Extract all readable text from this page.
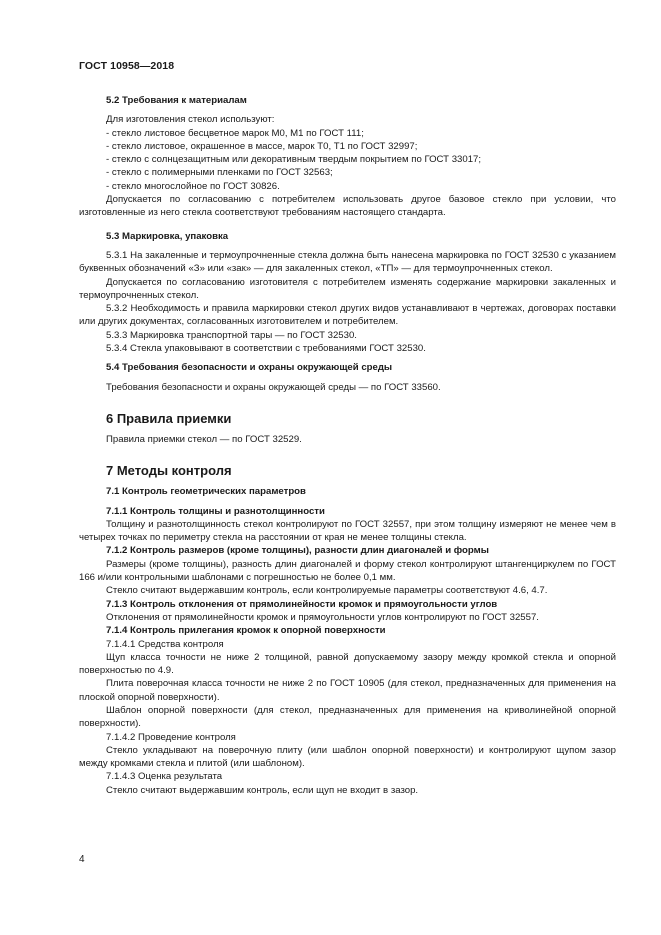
ГОСТ 10958—2018

5.2 Требования к материалам

Для изготовления стекол используют:

- стекло листовое бесцветное марок М0, М1 по ГОСТ 111;

- стекло листовое, окрашенное в массе, марок Т0, Т1 по ГОСТ 32997;

- стекло с солнцезащитным или декоративным твердым покрытием по ГОСТ 33017;

- стекло с полимерными пленками по ГОСТ 32563;

- стекло многослойное по ГОСТ 30826.

Допускается по согласованию с потребителем использовать другое базовое стекло при условии, что изготовленные из него стекла соответствуют требованиям настоящего стандарта.

5.3 Маркировка, упаковка

5.3.1 На закаленные и термоупрочненные стекла должна быть нанесена маркировка по ГОСТ 32530 с указанием буквенных обозначений «З» или «зак» — для закаленных стекол, «ТП» — для термоупрочненных стекол.

Допускается по согласованию изготовителя с потребителем изменять содержание маркировки закаленных и термоупрочненных стекол.

5.3.2 Необходимость и правила маркировки стекол других видов устанавливают в чертежах, договорах поставки или других документах, согласованных изготовителем и потребителем.

5.3.3 Маркировка транспортной тары — по ГОСТ 32530.

5.3.4 Стекла упаковывают в соответствии с требованиями ГОСТ 32530.

5.4 Требования безопасности и охраны окружающей среды

Требования безопасности и охраны окружающей среды — по ГОСТ 33560.

6 Правила приемки

Правила приемки стекол — по ГОСТ 32529.

7 Методы контроля

7.1 Контроль геометрических параметров

7.1.1 Контроль толщины и разнотолщинности

Толщину и разнотолщинность стекол контролируют по ГОСТ 32557, при этом толщину измеряют не менее чем в четырех точках по периметру стекла на расстоянии от края не менее толщины стекла.

7.1.2 Контроль размеров (кроме толщины), разности длин диагоналей и формы

Размеры (кроме толщины), разность длин диагоналей и форму стекол контролируют штангенциркулем по ГОСТ 166 и/или контрольными шаблонами с погрешностью не более 0,1 мм.

Стекло считают выдержавшим контроль, если контролируемые параметры соответствуют 4.6, 4.7.

7.1.3 Контроль отклонения от прямолинейности кромок и прямоугольности углов

Отклонения от прямолинейности кромок и прямоугольности углов контролируют по ГОСТ 32557.

7.1.4 Контроль прилегания кромок к опорной поверхности

7.1.4.1 Средства контроля

Щуп класса точности не ниже 2 толщиной, равной допускаемому зазору между кромкой стекла и опорной поверхностью по 4.9.

Плита поверочная класса точности не ниже 2 по ГОСТ 10905 (для стекол, предназначенных для применения на плоской опорной поверхности).

Шаблон опорной поверхности (для стекол, предназначенных для применения на криволинейной опорной поверхности).

7.1.4.2 Проведение контроля

Стекло укладывают на поверочную плиту (или шаблон опорной поверхности) и контролируют щупом зазор между кромками стекла и плитой (или шаблоном).

7.1.4.3 Оценка результата

Стекло считают выдержавшим контроль, если щуп не входит в зазор.

4
